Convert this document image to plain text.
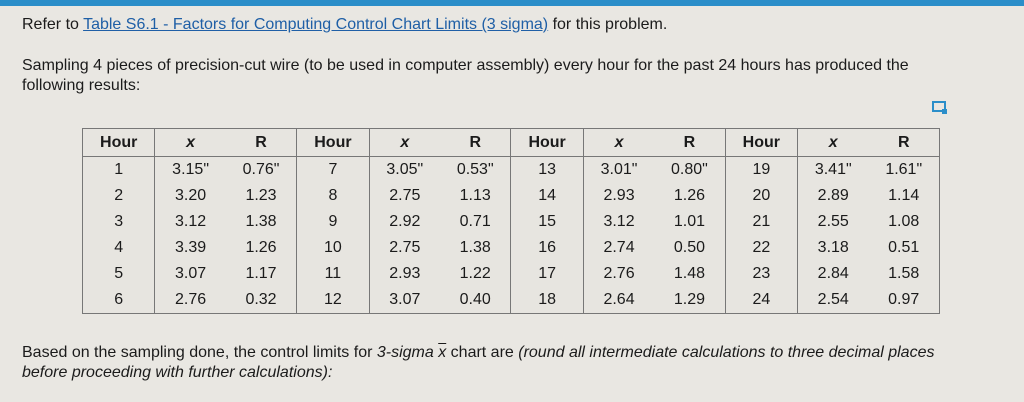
Refer to Table S6.1 - Factors for Computing Control Chart Limits (3 sigma) for this problem.
Sampling 4 pieces of precision-cut wire (to be used in computer assembly) every hour for the past 24 hours has produced the following results:
Hour	x	R	Hour	x	R	Hour	x	R	Hour	x	R
1	3.15"	0.76"	7	3.05"	0.53"	13	3.01"	0.80"	19	3.41"	1.61"
2	3.20	1.23	8	2.75	1.13	14	2.93	1.26	20	2.89	1.14
3	3.12	1.38	9	2.92	0.71	15	3.12	1.01	21	2.55	1.08
4	3.39	1.26	10	2.75	1.38	16	2.74	0.50	22	3.18	0.51
5	3.07	1.17	11	2.93	1.22	17	2.76	1.48	23	2.84	1.58
6	2.76	0.32	12	3.07	0.40	18	2.64	1.29	24	2.54	0.97
Based on the sampling done, the control limits for 3-sigma $\overline{x}$ chart are (round all intermediate calculations to three decimal places before proceeding with further calculations):
